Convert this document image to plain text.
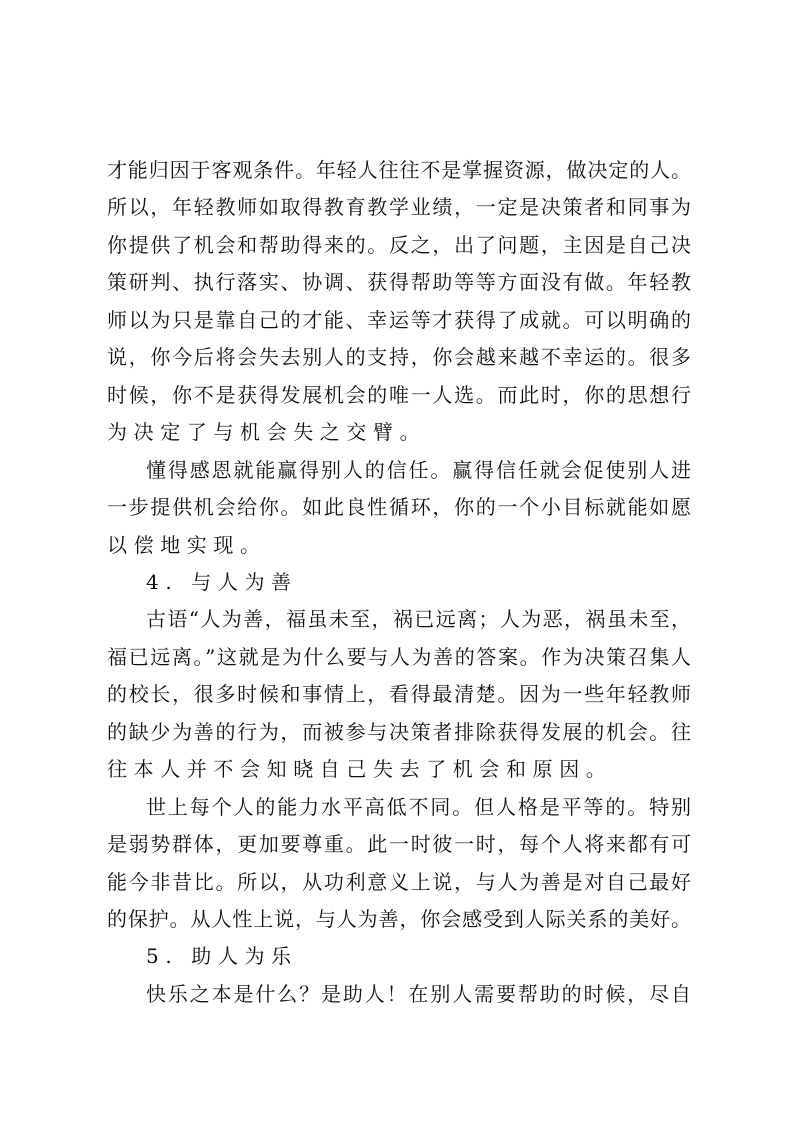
才能归因于客观条件。年轻人往往不是掌握资源，做决定的人。
所以，年轻教师如取得教育教学业绩，一定是决策者和同事为
你提供了机会和帮助得来的。反之，出了问题，主因是自己决
策研判、执行落实、协调、获得帮助等等方面没有做。年轻教
师以为只是靠自己的才能、幸运等才获得了成就。可以明确的
说，你今后将会失去别人的支持，你会越来越不幸运的。很多
时候，你不是获得发展机会的唯一人选。而此时，你的思想行
为决定了与机会失之交臂。
懂得感恩就能赢得别人的信任。赢得信任就会促使别人进
一步提供机会给你。如此良性循环，你的一个小目标就能如愿
以偿地实现。
4. 与人为善
古语“人为善，福虽未至，祸已远离；人为恶，祸虽未至，
福已远离。”这就是为什么要与人为善的答案。作为决策召集人
的校长，很多时候和事情上，看得最清楚。因为一些年轻教师
的缺少为善的行为，而被参与决策者排除获得发展的机会。往
往本人并不会知晓自己失去了机会和原因。
世上每个人的能力水平高低不同。但人格是平等的。特别
是弱势群体，更加要尊重。此一时彼一时，每个人将来都有可
能今非昔比。所以，从功利意义上说，与人为善是对自己最好
的保护。从人性上说，与人为善，你会感受到人际关系的美好。
5. 助人为乐
快乐之本是什么？是助人！在别人需要帮助的时候，尽自
